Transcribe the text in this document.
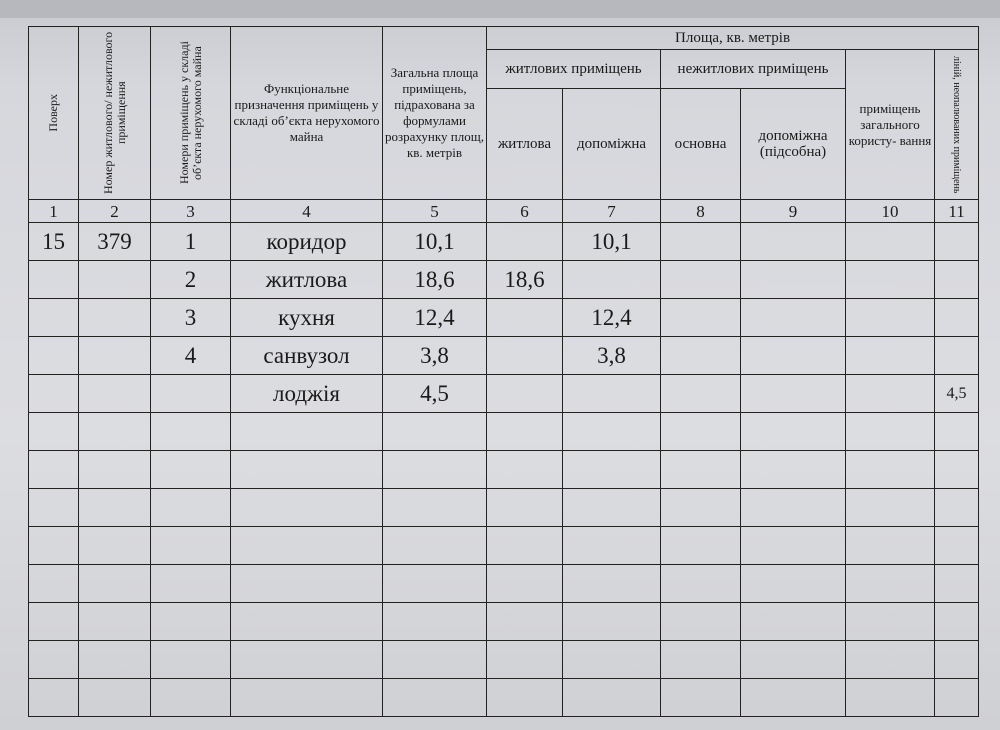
Поверх	Номер житлового/ нежитлового приміщення	Номери приміщень у складі об’єкта нерухомого майна	Функціональне призначення приміщень у складі об’єкта нерухомого майна	Загальна площа приміщень, підрахована за формулами розрахунку площ, кв. метрів	Площа, кв. метрів					
					житлових приміщень		нежитлових приміщень		приміщень загального користу- вання	ліній, неопалюваних приміщень

					житлова	допоміжна	основна	допоміжна (підсобна)		
1	2	3	4	5	6	7	8	9	10	11
15	379	1	коридор	10,1		10,1				
		2	житлова	18,6	18,6					
		3	кухня	12,4		12,4				
		4	санвузол	3,8		3,8				
			лоджія	4,5						4,5
